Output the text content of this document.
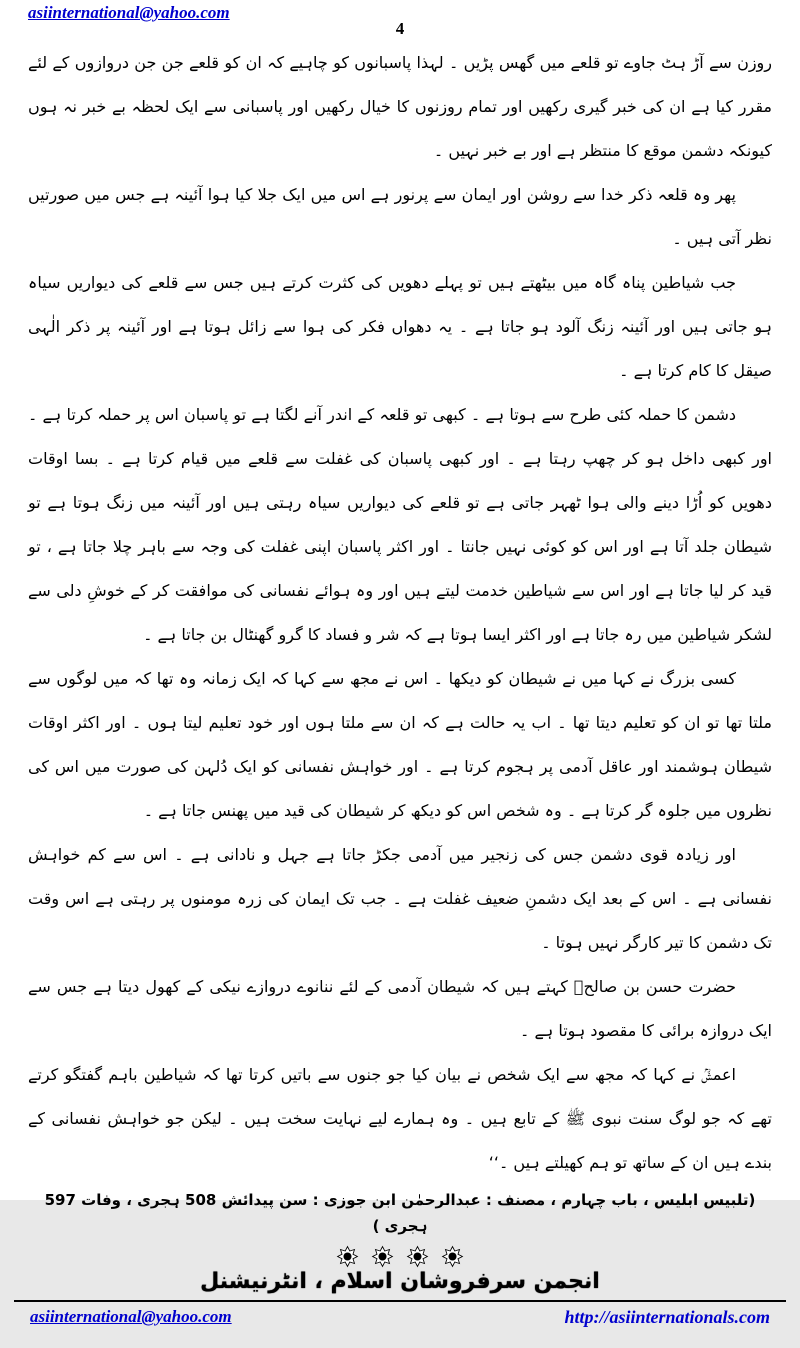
asiinternational@yahoo.com
4

روزن سے آڑ ہٹ جاوے تو قلعے میں گھس پڑیں ۔ لہذا پاسبانوں کو چاہیے کہ ان کو قلعے جن جن دروازوں کے لئے مقرر کیا ہے ان کی خبر گیری رکھیں اور تمام روزنوں کا خیال رکھیں اور پاسبانی سے ایک لحظہ بے خبر نہ ہوں کیونکہ دشمن موقع کا منتظر ہے اور بے خبر نہیں ۔

پھر وہ قلعہ ذکر خدا سے روشن اور ایمان سے پرنور ہے اس میں ایک جلا کیا ہوا آئینہ ہے جس میں صورتیں نظر آتی ہیں ۔

جب شیاطین پناہ گاہ میں بیٹھتے ہیں تو پہلے دھویں کی کثرت کرتے ہیں جس سے قلعے کی دیواریں سیاہ ہو جاتی ہیں اور آئینہ زنگ آلود ہو جاتا ہے ۔ یہ دھواں فکر کی ہوا سے زائل ہوتا ہے اور آئینہ پر ذکر الٰہی صیقل کا کام کرتا ہے ۔

دشمن کا حملہ کئی طرح سے ہوتا ہے ۔ کبھی تو قلعہ کے اندر آنے لگتا ہے تو پاسبان اس پر حملہ کرتا ہے ۔ اور کبھی داخل ہو کر چھپ رہتا ہے ۔ اور کبھی پاسبان کی غفلت سے قلعے میں قیام کرتا ہے ۔ بسا اوقات دھویں کو اُڑا دینے والی ہوا ٹھہر جاتی ہے تو قلعے کی دیواریں سیاہ رہتی ہیں اور آئینہ میں زنگ ہوتا ہے تو شیطان جلد آتا ہے اور اس کو کوئی نہیں جانتا ۔ اور اکثر پاسبان اپنی غفلت کی وجہ سے باہر چلا جاتا ہے ، تو قید کر لیا جاتا ہے اور اس سے شیاطین خدمت لیتے ہیں اور وہ ہوائے نفسانی کی موافقت کر کے خوشِ دلی سے لشکر شیاطین میں رہ جاتا ہے اور اکثر ایسا ہوتا ہے کہ شر و فساد کا گرو گھنٹال بن جاتا ہے ۔

کسی بزرگ نے کہا میں نے شیطان کو دیکھا ۔ اس نے مجھ سے کہا کہ ایک زمانہ وہ تھا کہ میں لوگوں سے ملتا تھا تو ان کو تعلیم دیتا تھا ۔ اب یہ حالت ہے کہ ان سے ملتا ہوں اور خود تعلیم لیتا ہوں ۔ اور اکثر اوقات شیطان ہوشمند اور عاقل آدمی پر ہجوم کرتا ہے ۔ اور خواہش نفسانی کو ایک دُلہن کی صورت میں اس کی نظروں میں جلوہ گر کرتا ہے ۔ وہ شخص اس کو دیکھ کر شیطان کی قید میں پھنس جاتا ہے ۔

اور زیادہ قوی دشمن جس کی زنجیر میں آدمی جکڑ جاتا ہے جہل و نادانی ہے ۔ اس سے کم خواہش نفسانی ہے ۔ اس کے بعد ایک دشمنِ ضعیف غفلت ہے ۔ جب تک ایمان کی زرہ مومنوں پر رہتی ہے اس وقت تک دشمن کا تیر کارگر نہیں ہوتا ۔

حضرت حسن بن صالحؒ کہتے ہیں کہ شیطان آدمی کے لئے ننانوے دروازے نیکی کے کھول دیتا ہے جس سے ایک دروازہ برائی کا مقصود ہوتا ہے ۔

اعمشؒ نے کہا کہ مجھ سے ایک شخص نے بیان کیا جو جنوں سے باتیں کرتا تھا کہ شیاطین باہم گفتگو کرتے تھے کہ جو لوگ سنت نبوی ﷺ کے تابع ہیں ۔ وہ ہمارے لیے نہایت سخت ہیں ۔ لیکن جو خواہش نفسانی کے بندے ہیں ان کے ساتھ تو ہم کھیلتے ہیں ۔‘‘

(تلبیس ابلیس ، باب چہارم ، مصنف : عبدالرحمٰن ابن جوزی : سن پیدائش 508 ہجری ، وفات 597 ہجری )
انجمن سرفروشان اسلام ، انٹرنیشنل
asiinternational@yahoo.com	http://asiinternationals.com
